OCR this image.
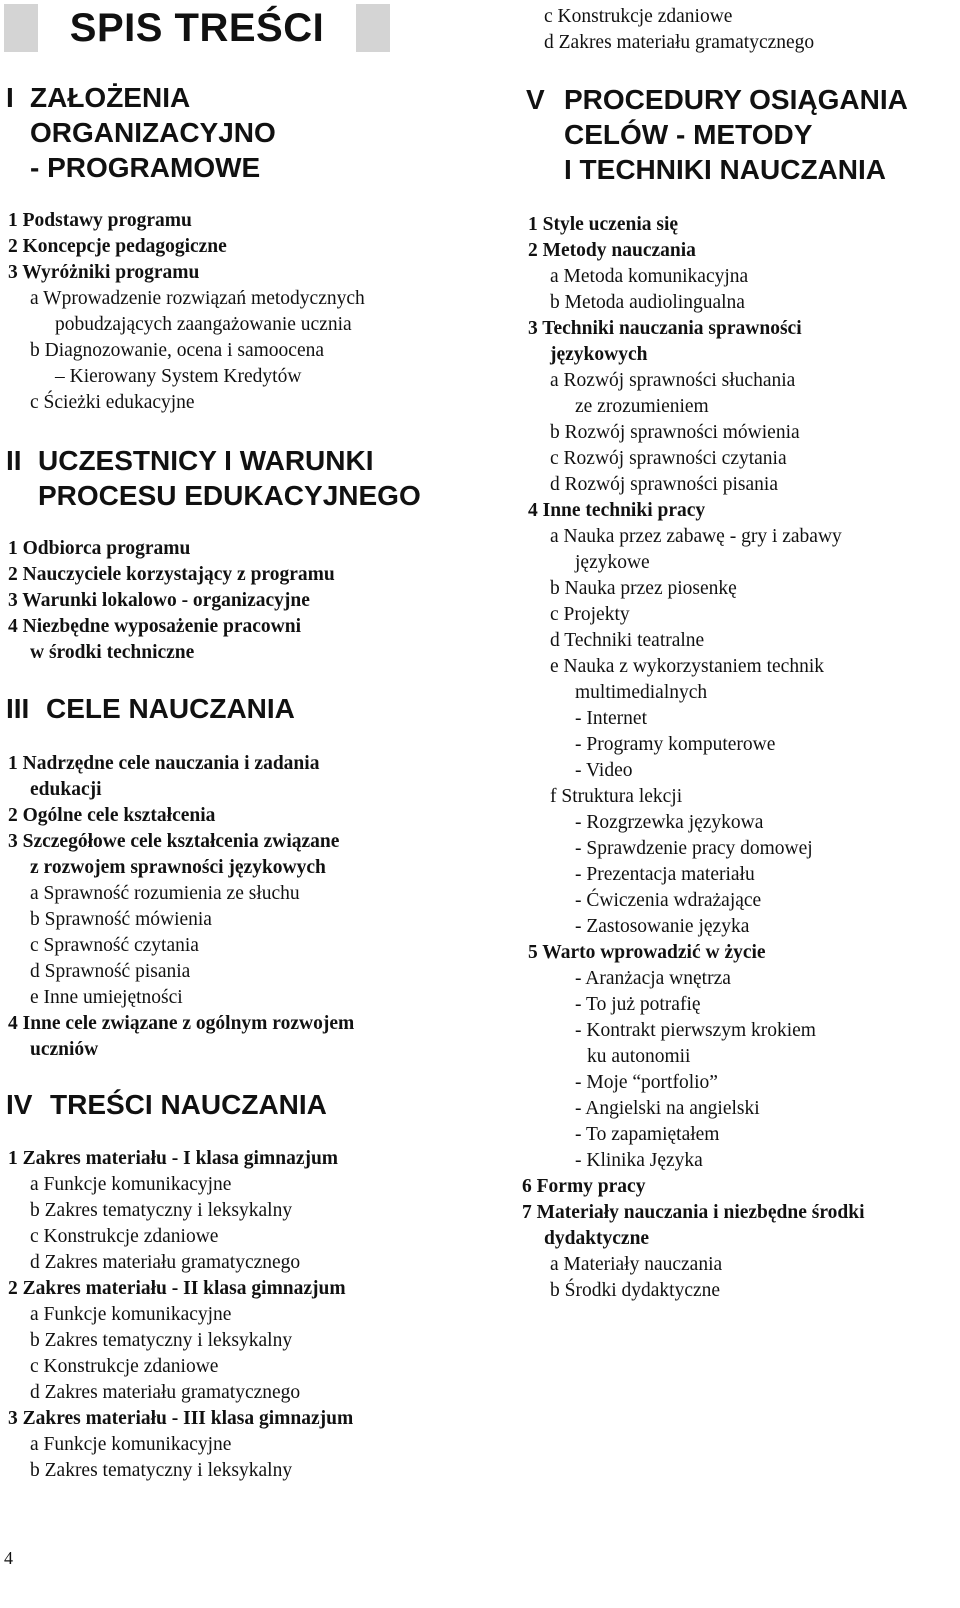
SPIS TREŚCI
I ZAŁOŻENIA
ORGANIZACYJNO
- PROGRAMOWE
1 Podstawy programu
2 Koncepcje pedagogiczne
3 Wyróżniki programu
a Wprowadzenie rozwiązań metodycznych
pobudzających zaangażowanie ucznia
b Diagnozowanie, ocena i samoocena
– Kierowany System Kredytów
c Ścieżki edukacyjne
II UCZESTNICY I WARUNKI
PROCESU EDUKACYJNEGO
1 Odbiorca programu
2 Nauczyciele korzystający z programu
3 Warunki lokalowo - organizacyjne
4 Niezbędne wyposażenie pracowni
w środki techniczne
III CELE NAUCZANIA
1 Nadrzędne cele nauczania i zadania
edukacji
2 Ogólne cele kształcenia
3 Szczegółowe cele kształcenia związane
z rozwojem sprawności językowych
a Sprawność rozumienia ze słuchu
b Sprawność mówienia
c Sprawność czytania
d Sprawność pisania
e Inne umiejętności
4 Inne cele związane z ogólnym rozwojem
uczniów
IV TREŚCI NAUCZANIA
1 Zakres materiału - I klasa gimnazjum
a Funkcje komunikacyjne
b Zakres tematyczny i leksykalny
c Konstrukcje zdaniowe
d Zakres materiału gramatycznego
2 Zakres materiału - II klasa gimnazjum
a Funkcje komunikacyjne
b Zakres tematyczny i leksykalny
c Konstrukcje zdaniowe
d Zakres materiału gramatycznego
3 Zakres materiału - III klasa gimnazjum
a Funkcje komunikacyjne
b Zakres tematyczny i leksykalny
4
c Konstrukcje zdaniowe
d Zakres materiału gramatycznego
V PROCEDURY OSIĄGANIA
CELÓW - METODY
I TECHNIKI NAUCZANIA
1 Style uczenia się
2 Metody nauczania
a Metoda komunikacyjna
b Metoda audiolingualna
3 Techniki nauczania sprawności
językowych
a Rozwój sprawności słuchania
ze zrozumieniem
b Rozwój sprawności mówienia
c Rozwój sprawności czytania
d Rozwój sprawności pisania
4 Inne techniki pracy
a Nauka przez zabawę - gry i zabawy
językowe
b Nauka przez piosenkę
c Projekty
d Techniki teatralne
e Nauka z wykorzystaniem technik
multimedialnych
- Internet
- Programy komputerowe
- Video
f Struktura lekcji
- Rozgrzewka językowa
- Sprawdzenie pracy domowej
- Prezentacja materiału
- Ćwiczenia wdrażające
- Zastosowanie języka
5 Warto wprowadzić w życie
- Aranżacja wnętrza
- To już potrafię
- Kontrakt pierwszym krokiem
ku autonomii
- Moje “portfolio”
- Angielski na angielski
- To zapamiętałem
- Klinika Języka
6 Formy pracy
7 Materiały nauczania i niezbędne środki
dydaktyczne
a Materiały nauczania
b Środki dydaktyczne
